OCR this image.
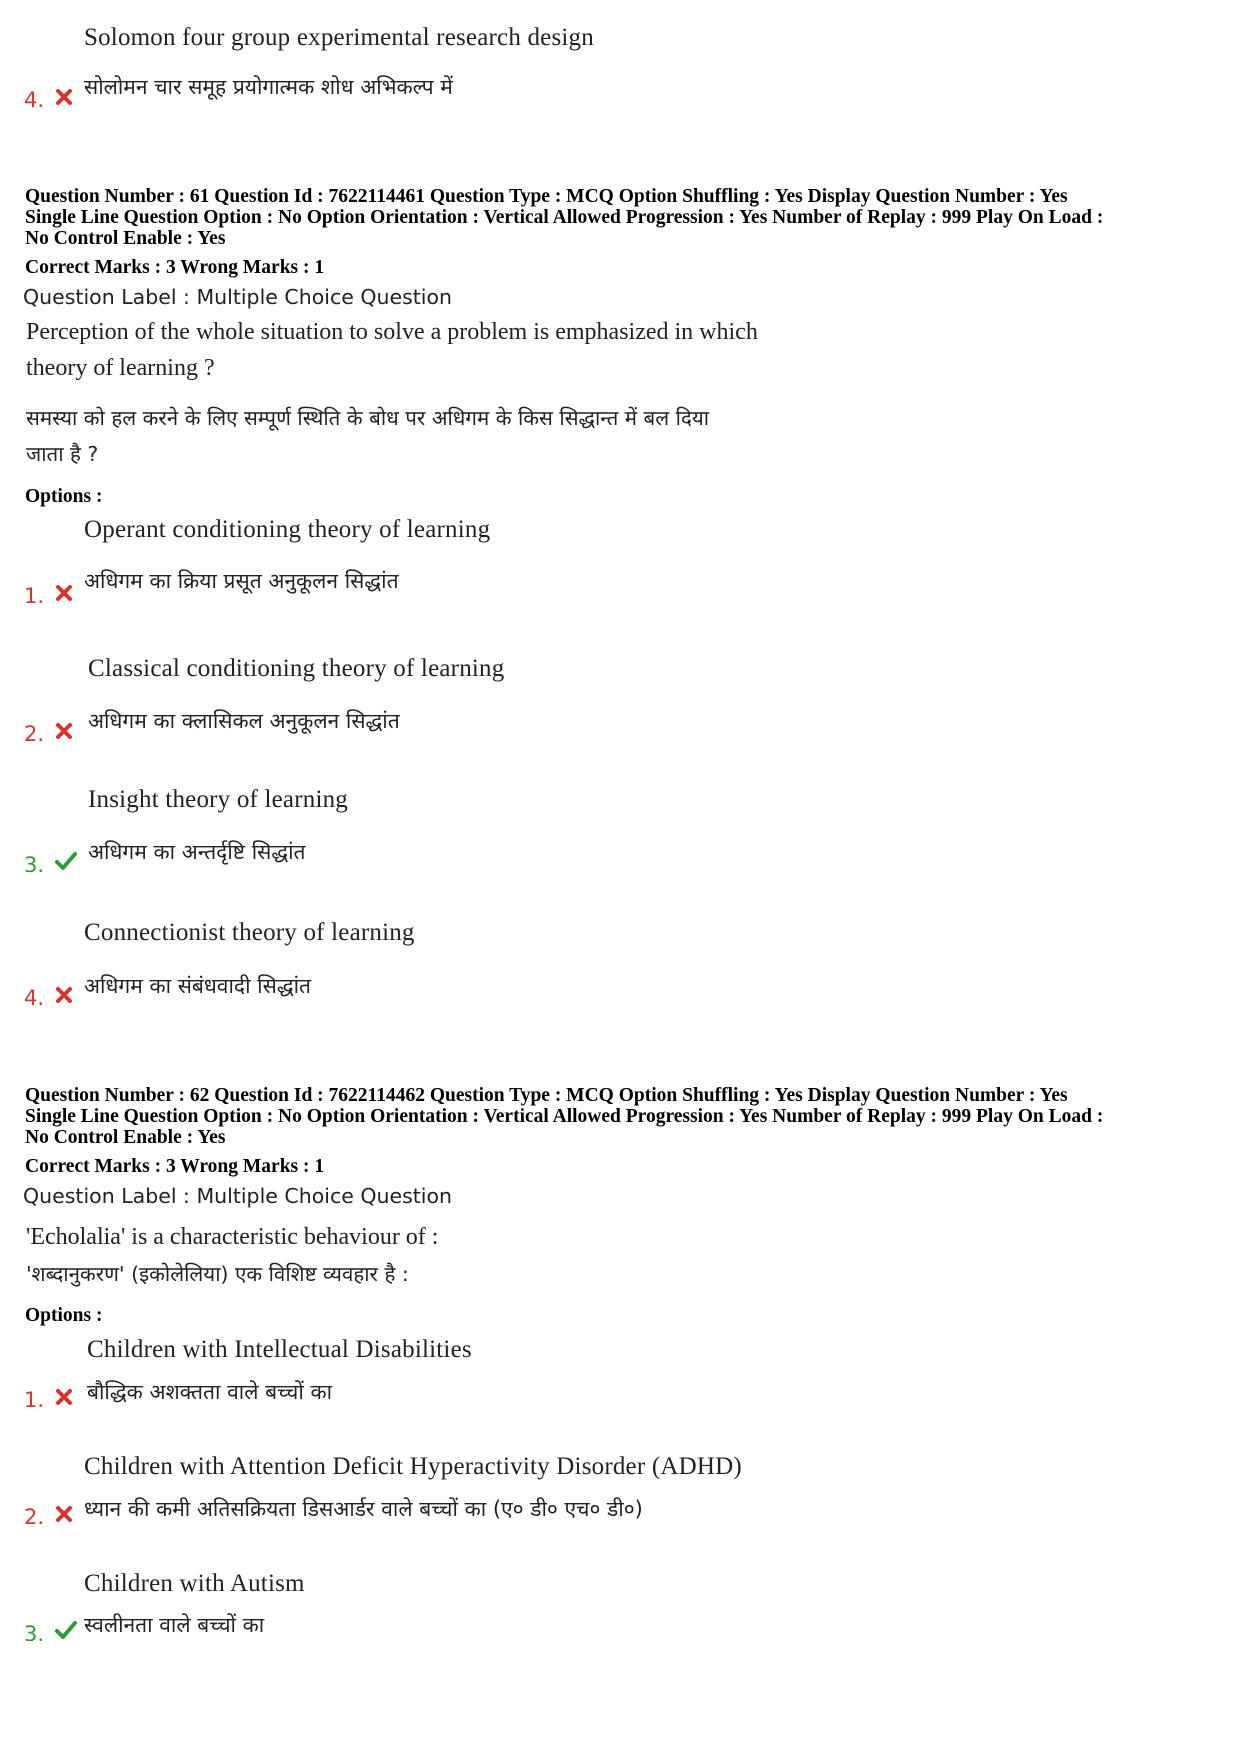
Solomon four group experimental research design
4.
सोलोमन चार समूह प्रयोगात्मक शोध अभिकल्प में
Question Number : 61 Question Id : 7622114461 Question Type : MCQ Option Shuffling : Yes Display Question Number : Yes
Single Line Question Option : No Option Orientation : Vertical Allowed Progression : Yes Number of Replay : 999 Play On Load :
No Control Enable : Yes
Correct Marks : 3 Wrong Marks : 1
Question Label : Multiple Choice Question
Perception of the whole situation to solve a problem is emphasized in which
theory of learning ?
समस्या को हल करने के लिए सम्पूर्ण स्थिति के बोध पर अधिगम के किस सिद्धान्त में बल दिया
जाता है ?
Options :
Operant conditioning theory of learning
1.
अधिगम का क्रिया प्रसूत अनुकूलन सिद्धांत
Classical conditioning theory of learning
2.
अधिगम का क्लासिकल अनुकूलन सिद्धांत
Insight theory of learning
3.
अधिगम का अन्तर्दृष्टि सिद्धांत
Connectionist theory of learning
4. अधिगम का संबंधवादी सिद्धांत
Question Number : 62 Question Id : 7622114462 Question Type : MCQ Option Shuffling : Yes Display Question Number : Yes
Single Line Question Option : No Option Orientation : Vertical Allowed Progression : Yes Number of Replay : 999 Play On Load :
No Control Enable : Yes
Correct Marks : 3 Wrong Marks : 1
Question Label : Multiple Choice Question
'Echolalia' is a characteristic behaviour of :
'शब्दानुकरण' (इकोलेलिया) एक विशिष्ट व्यवहार है :
Options :
Children with Intellectual Disabilities
1. बौद्धिक अशक्तता वाले बच्चों का
Children with Attention Deficit Hyperactivity Disorder (ADHD)
2. ध्यान की कमी अतिसक्रियता डिसआर्डर वाले बच्चों का (ए० डी० एच० डी०)
Children with Autism
3. स्वलीनता वाले बच्चों का
